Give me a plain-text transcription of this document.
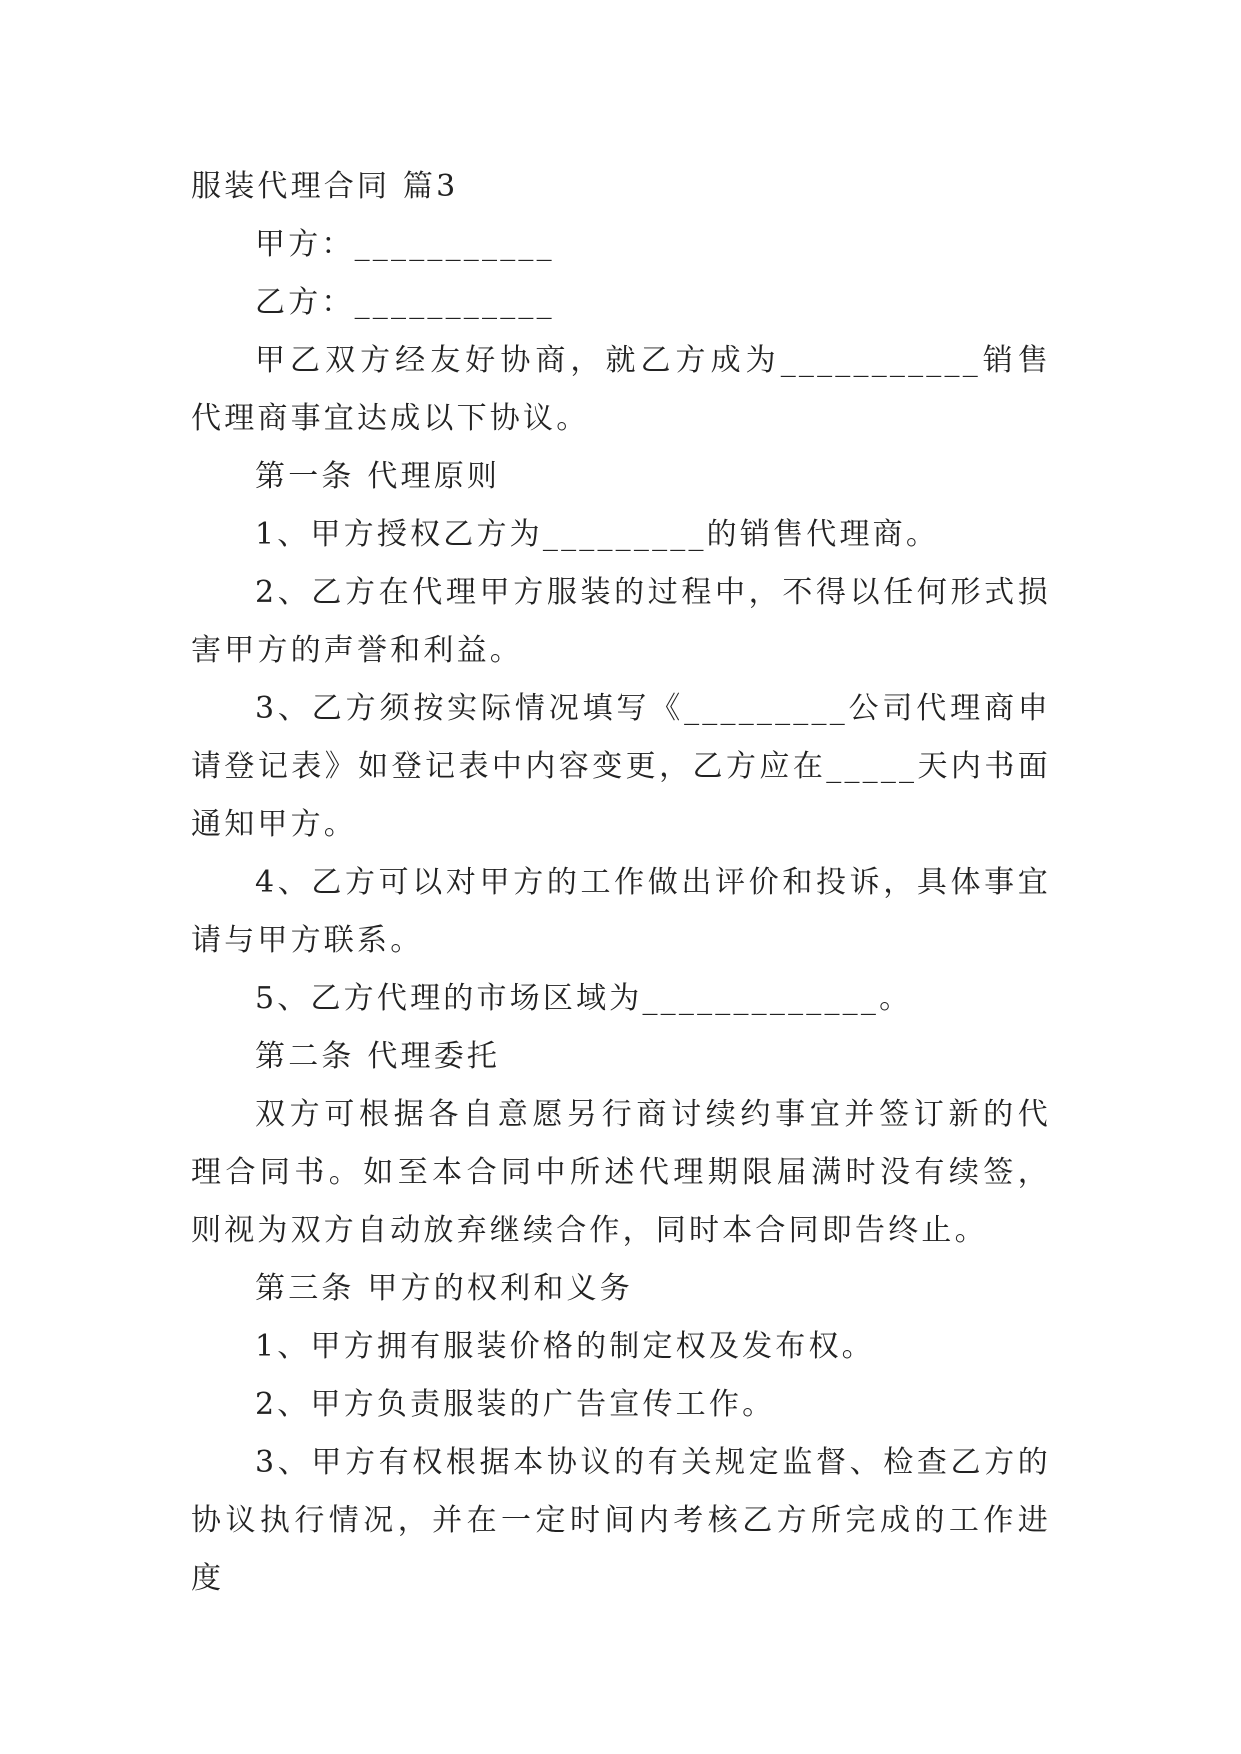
服装代理合同 篇3

甲方：___________

乙方：___________

甲乙双方经友好协商，就乙方成为___________销售代理商事宜达成以下协议。

第一条 代理原则

1、甲方授权乙方为_________的销售代理商。

2、乙方在代理甲方服装的过程中，不得以任何形式损害甲方的声誉和利益。

3、乙方须按实际情况填写《_________公司代理商申请登记表》如登记表中内容变更，乙方应在_____天内书面通知甲方。

4、乙方可以对甲方的工作做出评价和投诉，具体事宜请与甲方联系。

5、乙方代理的市场区域为_____________。

第二条 代理委托

双方可根据各自意愿另行商讨续约事宜并签订新的代理合同书。如至本合同中所述代理期限届满时没有续签，则视为双方自动放弃继续合作，同时本合同即告终止。

第三条 甲方的权利和义务

1、甲方拥有服装价格的制定权及发布权。

2、甲方负责服装的广告宣传工作。

3、甲方有权根据本协议的有关规定监督、检查乙方的协议执行情况，并在一定时间内考核乙方所完成的工作进度
